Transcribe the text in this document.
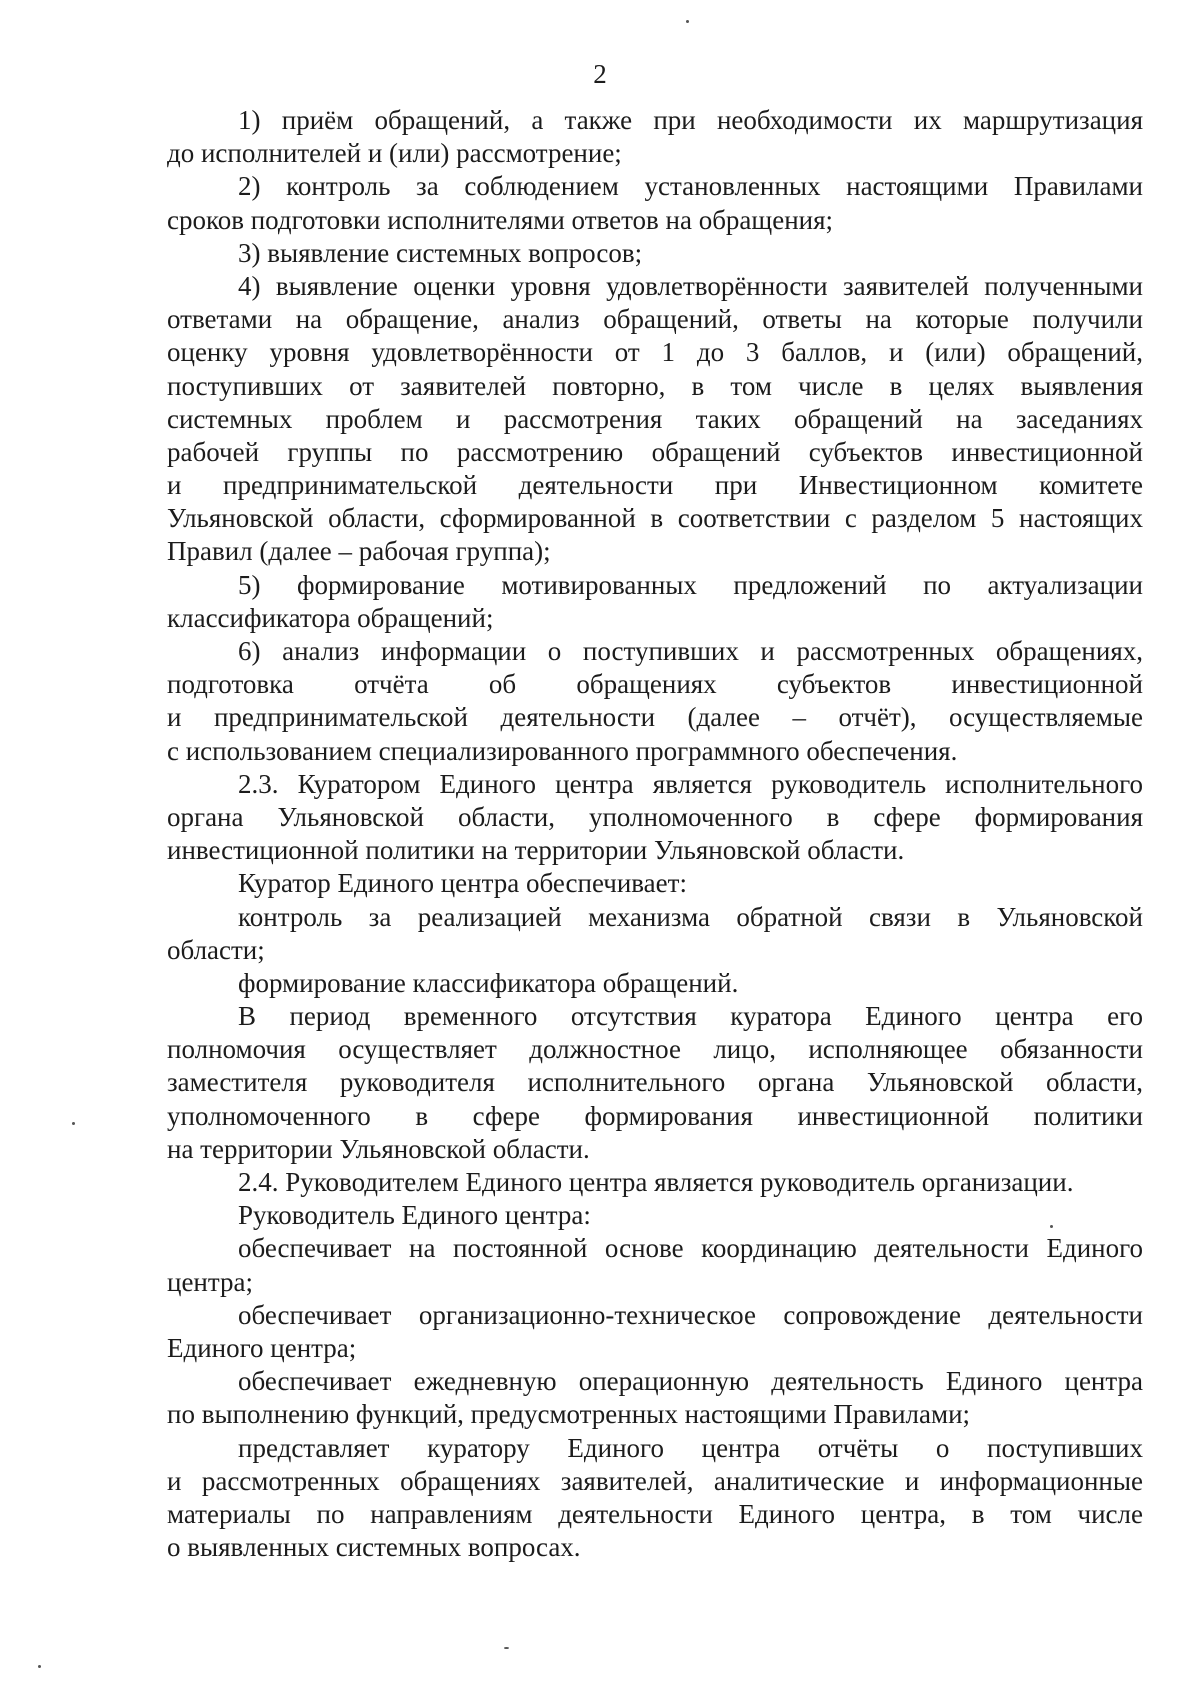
2
1) приём обращений, а также при необходимости их маршрутизация
до исполнителей и (или) рассмотрение;
2) контроль за соблюдением установленных настоящими Правилами
сроков подготовки исполнителями ответов на обращения;
3) выявление системных вопросов;
4) выявление оценки уровня удовлетворённости заявителей полученными
ответами на обращение, анализ обращений, ответы на которые получили
оценку уровня удовлетворённости от 1 до 3 баллов, и (или) обращений,
поступивших от заявителей повторно, в том числе в целях выявления
системных проблем и рассмотрения таких обращений на заседаниях
рабочей группы по рассмотрению обращений субъектов инвестиционной
и предпринимательской деятельности при Инвестиционном комитете
Ульяновской области, сформированной в соответствии с разделом 5 настоящих
Правил (далее – рабочая группа);
5) формирование мотивированных предложений по актуализации
классификатора обращений;
6) анализ информации о поступивших и рассмотренных обращениях,
подготовка отчёта об обращениях субъектов инвестиционной
и предпринимательской деятельности (далее – отчёт), осуществляемые
с использованием специализированного программного обеспечения.
2.3. Куратором Единого центра является руководитель исполнительного
органа Ульяновской области, уполномоченного в сфере формирования
инвестиционной политики на территории Ульяновской области.
Куратор Единого центра обеспечивает:
контроль за реализацией механизма обратной связи в Ульяновской
области;
формирование классификатора обращений.
В период временного отсутствия куратора Единого центра его
полномочия осуществляет должностное лицо, исполняющее обязанности
заместителя руководителя исполнительного органа Ульяновской области,
уполномоченного в сфере формирования инвестиционной политики
на территории Ульяновской области.
2.4. Руководителем Единого центра является руководитель организации.
Руководитель Единого центра:
обеспечивает на постоянной основе координацию деятельности Единого
центра;
обеспечивает организационно-техническое сопровождение деятельности
Единого центра;
обеспечивает ежедневную операционную деятельность Единого центра
по выполнению функций, предусмотренных настоящими Правилами;
представляет куратору Единого центра отчёты о поступивших
и рассмотренных обращениях заявителей, аналитические и информационные
материалы по направлениям деятельности Единого центра, в том числе
о выявленных системных вопросах.
